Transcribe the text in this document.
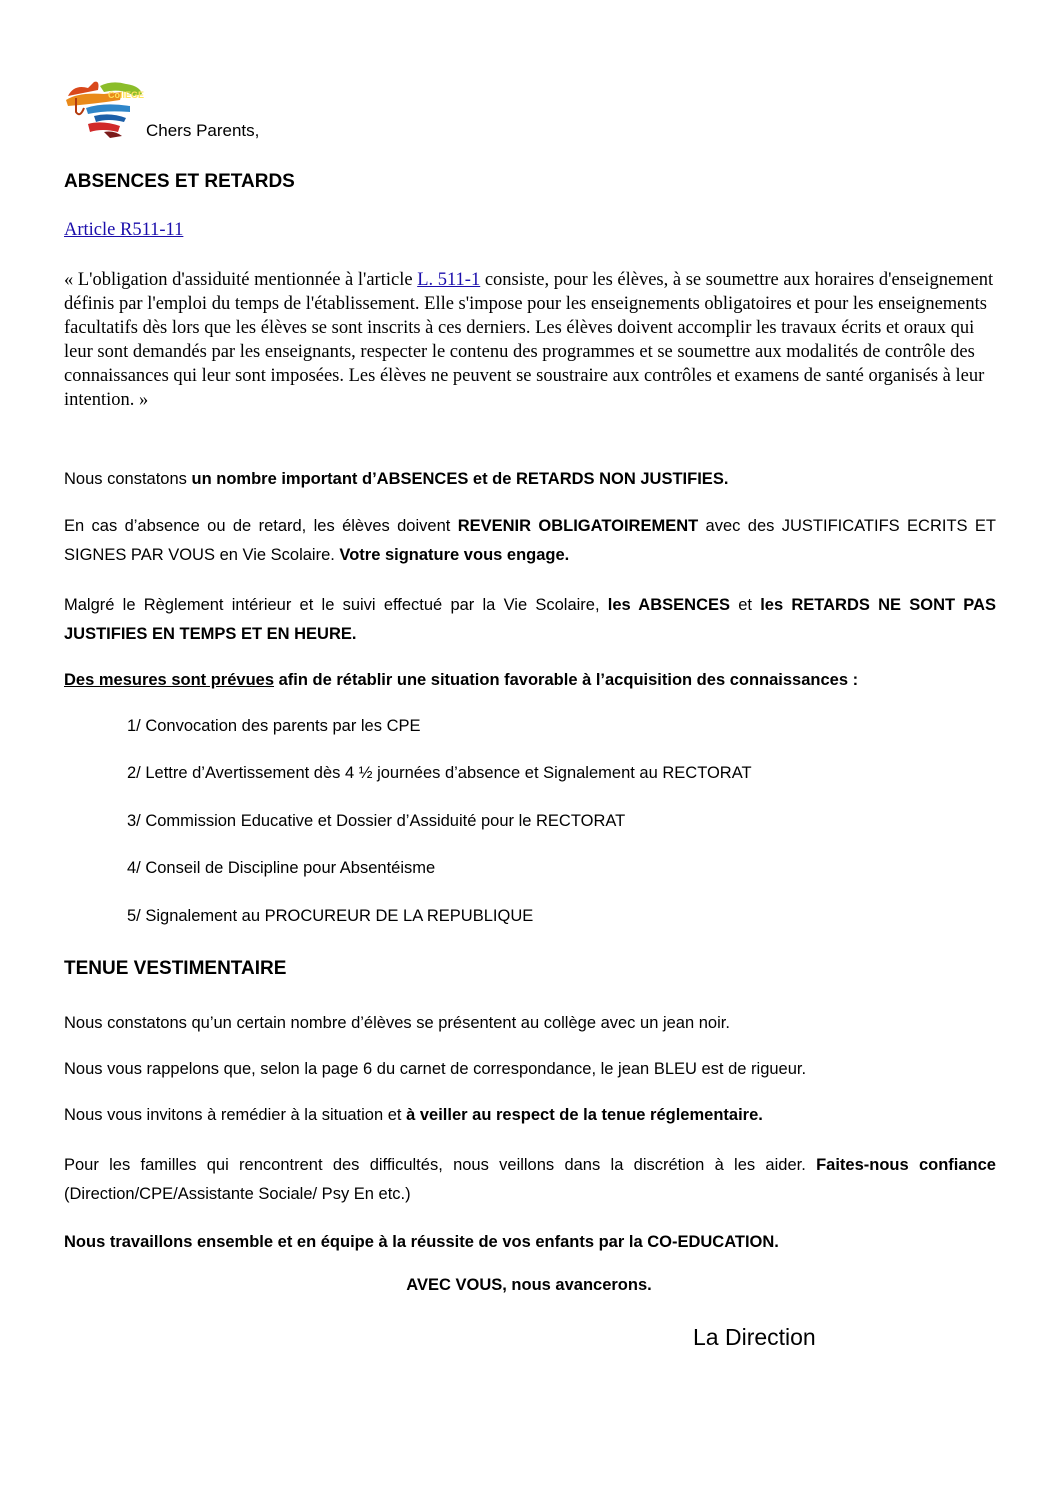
CollEGE
Chers Parents,
ABSENCES ET RETARDS
Article R511-11

« L'obligation d'assiduité mentionnée à l'article L. 511-1 consiste, pour les élèves, à se soumettre aux horaires d'enseignement définis par l'emploi du temps de l'établissement. Elle s'impose pour les enseignements obligatoires et pour les enseignements facultatifs dès lors que les élèves se sont inscrits à ces derniers. Les élèves doivent accomplir les travaux écrits et oraux qui leur sont demandés par les enseignants, respecter le contenu des programmes et se soumettre aux modalités de contrôle des connaissances qui leur sont imposées. Les élèves ne peuvent se soustraire aux contrôles et examens de santé organisés à leur intention. »

Nous constatons un nombre important d’ABSENCES et de RETARDS NON JUSTIFIES.

En cas d’absence ou de retard, les élèves doivent REVENIR OBLIGATOIREMENT avec des JUSTIFICATIFS ECRITS ET SIGNES PAR VOUS en Vie Scolaire. Votre signature vous engage.

Malgré le Règlement intérieur et le suivi effectué par la Vie Scolaire, les ABSENCES et les RETARDS NE SONT PAS JUSTIFIES EN TEMPS ET EN HEURE.

Des mesures sont prévues afin de rétablir une situation favorable à l’acquisition des connaissances :

1/ Convocation des parents par les CPE

2/ Lettre d’Avertissement dès 4 ½ journées d’absence et Signalement au RECTORAT

3/ Commission Educative et Dossier d’Assiduité pour le RECTORAT

4/ Conseil de Discipline pour Absentéisme

5/ Signalement au PROCUREUR DE LA REPUBLIQUE

TENUE VESTIMENTAIRE

Nous constatons qu’un certain nombre d’élèves se présentent au collège avec un jean noir.

Nous vous rappelons que, selon la page 6 du carnet de correspondance, le jean BLEU est de rigueur.

Nous vous invitons à remédier à la situation et à veiller au respect de la tenue réglementaire.

Pour les familles qui rencontrent des difficultés, nous veillons dans la discrétion à les aider. Faites-nous confiance (Direction/CPE/Assistante Sociale/ Psy En etc.)

Nous travaillons ensemble et en équipe à la réussite de vos enfants par la CO-EDUCATION.

AVEC VOUS, nous avancerons.

La Direction
